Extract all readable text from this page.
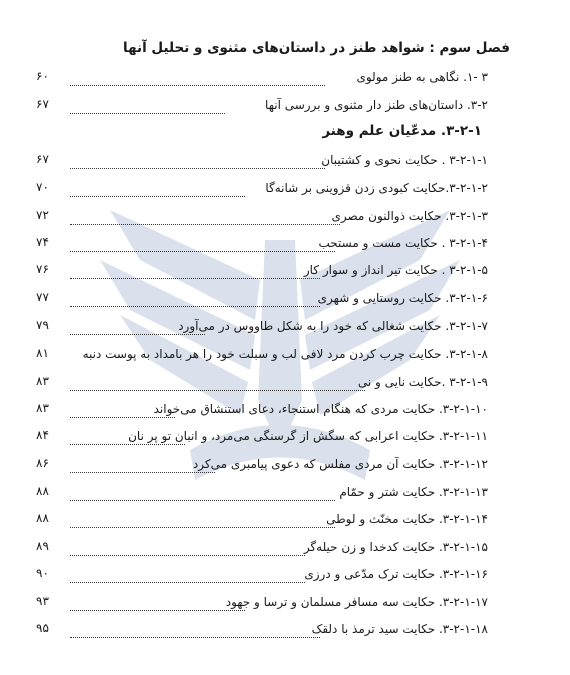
فصل سوم : شواهد طنز در داستان‌های مثنوی و تحلیل آنها
۳-۲-۱. مدعّیان علم وهنر
۳ -۱. نگاهی به طنز مولوی
۶۰
۳-۲. داستان‌های طنز دار مثنوی و بررسی آنها
۶۷
۳-۲-۱-۱ . حکایت نحوی و کشتیبان
۶۷
۳-۲-۱-۲.حکایت کبودی زدن قزوینی بر شانه‌گا
۷۰
۳-۲-۱-۳. حکایت ذوالنون مصری
۷۲
۳-۲-۱-۴ . حکایت مست و مستحب
۷۴
۳-۲-۱-۵ . حکایت تیر انداز و سوار کار
۷۶
۳-۲-۱-۶. حکایت روستایی و شهری
۷۷
۳-۲-۱-۷. حکایت شغالی که خود را به شکل طاووس در می‌آورد
۷۹
۳-۲-۱-۸. حکایت چرب کردن مرد لافی لب و سبلت خود را هر بامداد به پوست دنبه
۸۱
۳-۲-۱-۹ .حکایت نایی و نی
۸۳
۳-۲-۱-۱۰. حکایت مردی که هنگام استنجاء، دعای استنشاق می‌خواند
۸۳
۳-۲-۱-۱۱. حکایت اعرابی که سگش از گرسنگی می‌مرد، و انبان تو پر نان
۸۴
۳-۲-۱-۱۲. حکایت آن مردی مفلس که دعوی پیامبری می‌کرد
۸۶
۳-۲-۱-۱۳. حکایت شتر و حمّام
۸۸
۳-۲-۱-۱۴. حکایت مخنّث و لوطی
۸۸
۳-۲-۱-۱۵. حکایت کدخدا و زن حیله‌گر
۸۹
۳-۲-۱-۱۶. حکایت ترک مدّعی و درزی
۹۰
۳-۲-۱-۱۷. حکایت سه مسافر مسلمان و ترسا و جهود
۹۳
۳-۲-۱-۱۸. حکایت سید ترمذ با دلقک
۹۵
